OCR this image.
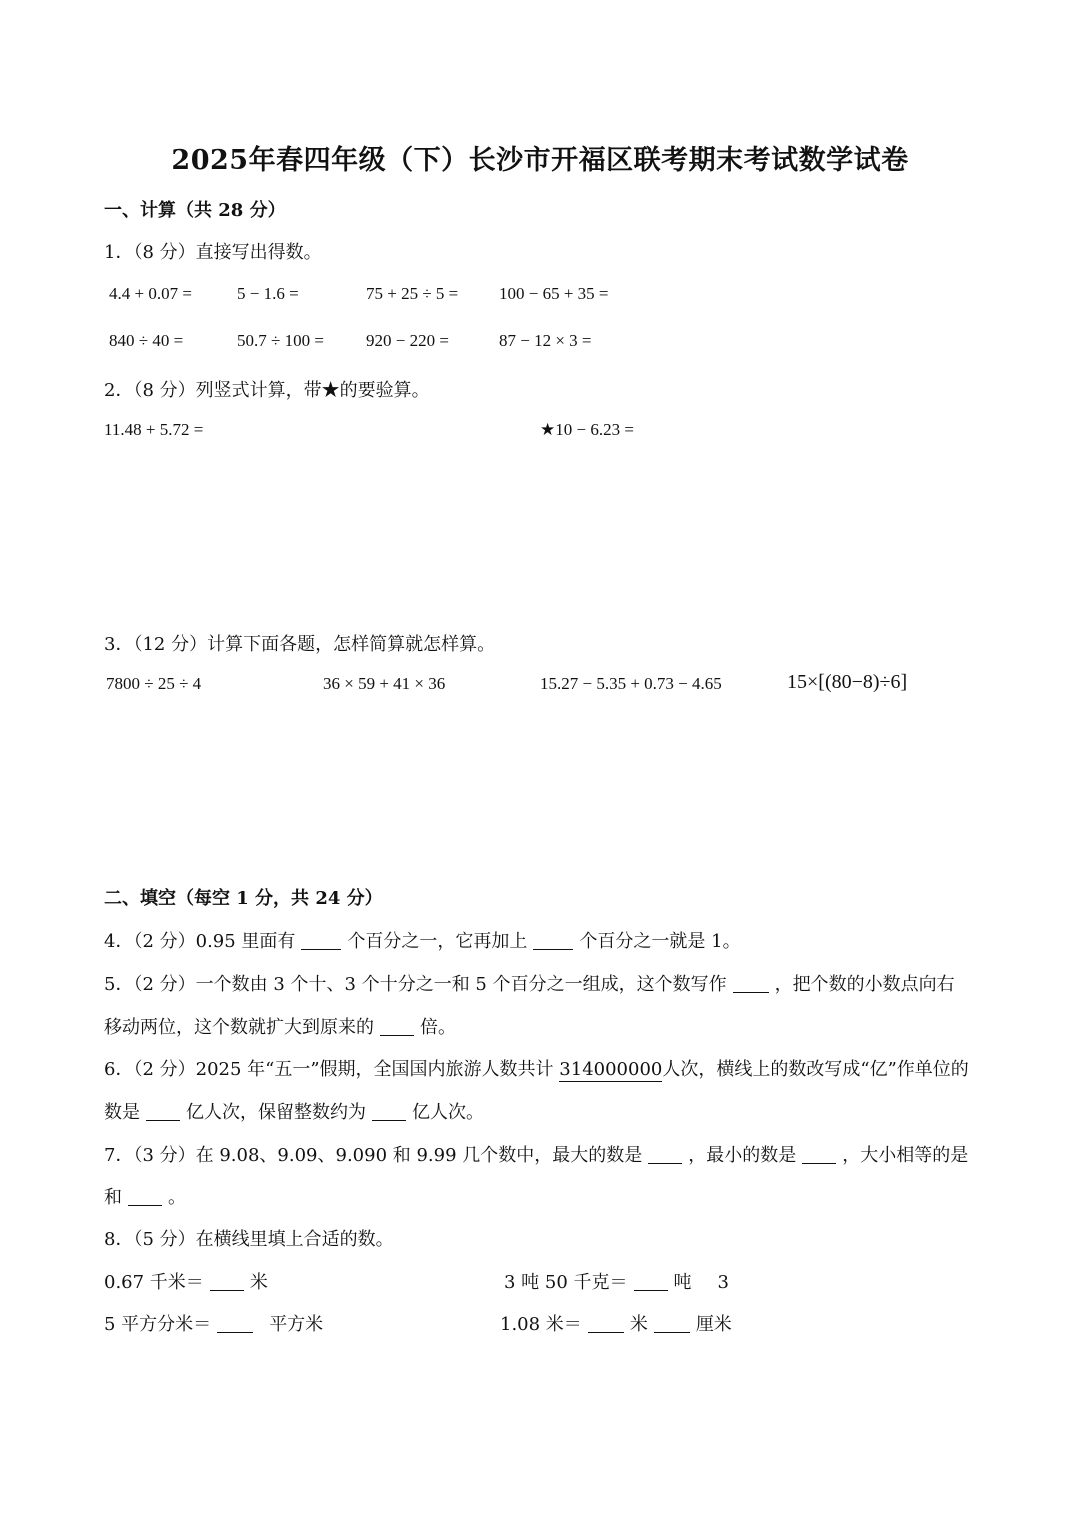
2025年春四年级（下）长沙市开福区联考期末考试数学试卷
一、计算（共 28 分）
1．（8 分）直接写出得数。
4.4 + 0.07 =	5 − 1.6 =	75 + 25 ÷ 5 = 100 − 65 + 35 =
840 ÷ 40 =	50.7 ÷ 100 = 920 − 220 =	87 − 12 × 3 =
2．（8 分）列竖式计算，带★的要验算。
11.48 + 5.72 =	★10 − 6.23 =
3．（12 分）计算下面各题，怎样简算就怎样算。
7800 ÷ 25 ÷ 4	36 × 59 + 41 × 36	15.27 − 5.35 + 0.73 − 4.65	15×[(80−8)÷6]
二、填空（每空 1 分，共 24 分）
4．（2 分）0.95 里面有	个百分之一，它再加上	个百分之一就是 1。
5．（2 分）一个数由 3 个十、3 个十分之一和 5 个百分之一组成，这个数写作	，把个数的小数点向右
移动两位，这个数就扩大到原来的	倍。
6．（2 分）2025 年“五一”假期，全国国内旅游人数共计 314000000人次，横线上的数改写成“亿”作单位的
数是	亿人次，保留整数约为	亿人次。
7．（3 分）在 9.08、9.09、9.090 和 9.99 几个数中，最大的数是	，最小的数是	，大小相等的是
和	。
8．（5 分）在横线里填上合适的数。
0.67 千米＝	米	3 吨 50 千克＝	吨 3
5 平方分米＝	平方米	1.08 米＝	米	厘米
